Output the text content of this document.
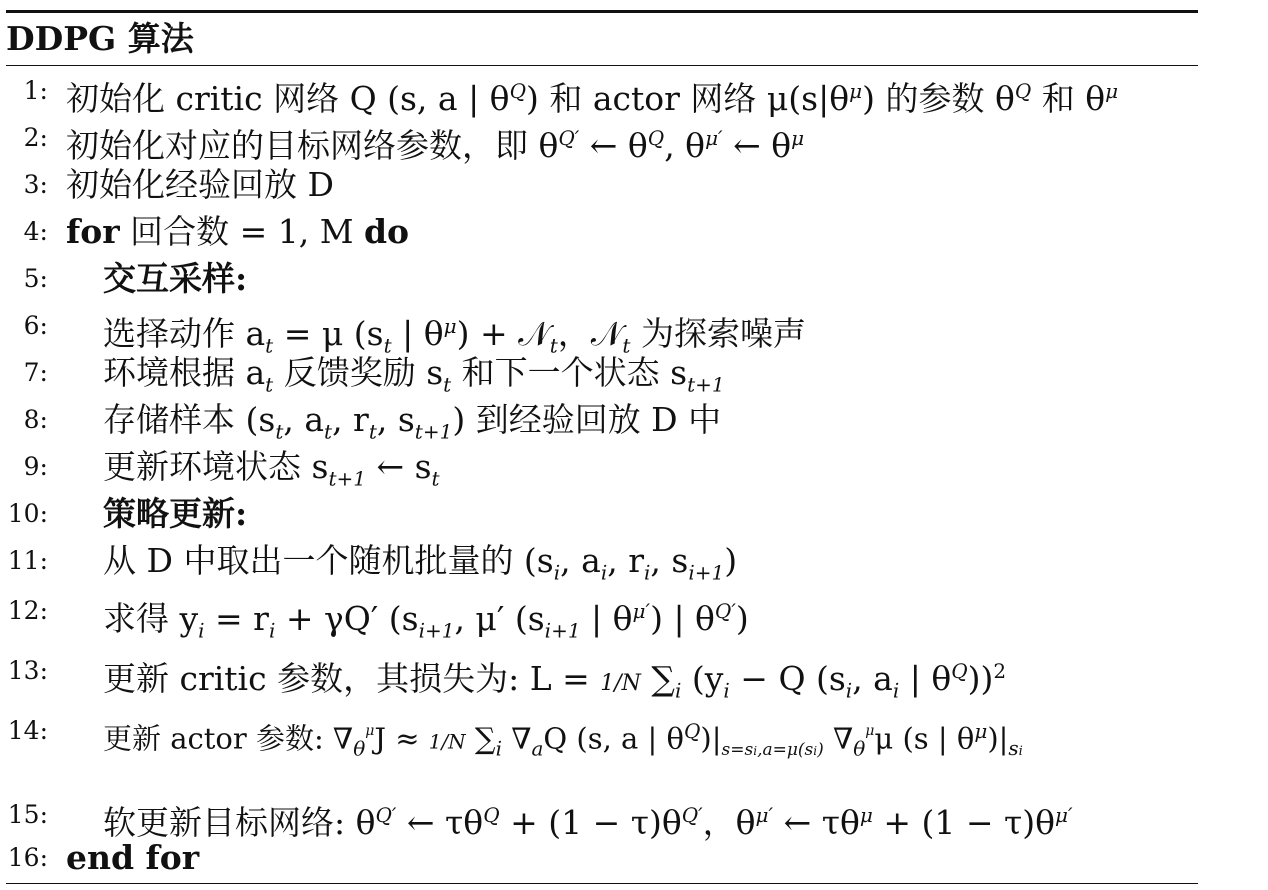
DDPG 算法
1: 初始化 critic 网络 Q (s, a | $\theta^Q$) 和 actor 网络 $\mu(s|\theta^\mu)$ 的参数 $\theta^Q$ 和 $\theta^\mu$
2: 初始化对应的目标网络参数，即 $\theta^{Q'}$ ← $\theta^Q$, $\theta^{\mu'}$ ← $\theta^\mu$
3: 初始化经验回放 D
4: for 回合数 = 1, M do
5: 交互采样:
6: 选择动作 $a_t = \mu$ ($s_t$ | $\theta^\mu$) + 𝒩$_t$，𝒩$_t$ 为探索噪声
7: 环境根据 $a_t$ 反馈奖励 $s_t$ 和下一个状态 $s_{t+1}$
8: 存储样本 ($s_t$, $a_t$, $r_t$, $s_{t+1}$) 到经验回放 D 中
9: 更新环境状态 $s_{t+1}$ ← $s_t$
10: 策略更新:
11: 从 D 中取出一个随机批量的 ($s_i$, $a_i$, $r_i$, $s_{i+1}$)
12: 求得 $y_i = r_i + \gamma Q'$ ($s_{i+1}$, μ′ ($s_{i+1}$ | $\theta^{\mu'}$) | $\theta^{Q'}$)
13: 更新 critic 参数，其损失为: L = 1/N $\sum_i$ ($y_i - Q$ ($s_i$, $a_i$ | $\theta^Q))^2$
14: 更新 actor 参数: $\nabla_\theta^\mu J \approx 1/N$ $\sum_i$ $\nabla_aQ$ (s, a | $\theta^Q)|_{s=si,a=\mu(si)}$ $\nabla_\theta^\mu\mu$ (s | $\theta^\mu)|_{si}$
15: 软更新目标网络: $\theta^{Q'}$ ← $\tau\theta^Q + (1 - \tau)\theta^{Q'}$，$\theta^{\mu'}$ ← $\tau\theta^\mu + (1 - \tau)\theta^{\mu'}$
16: end for
